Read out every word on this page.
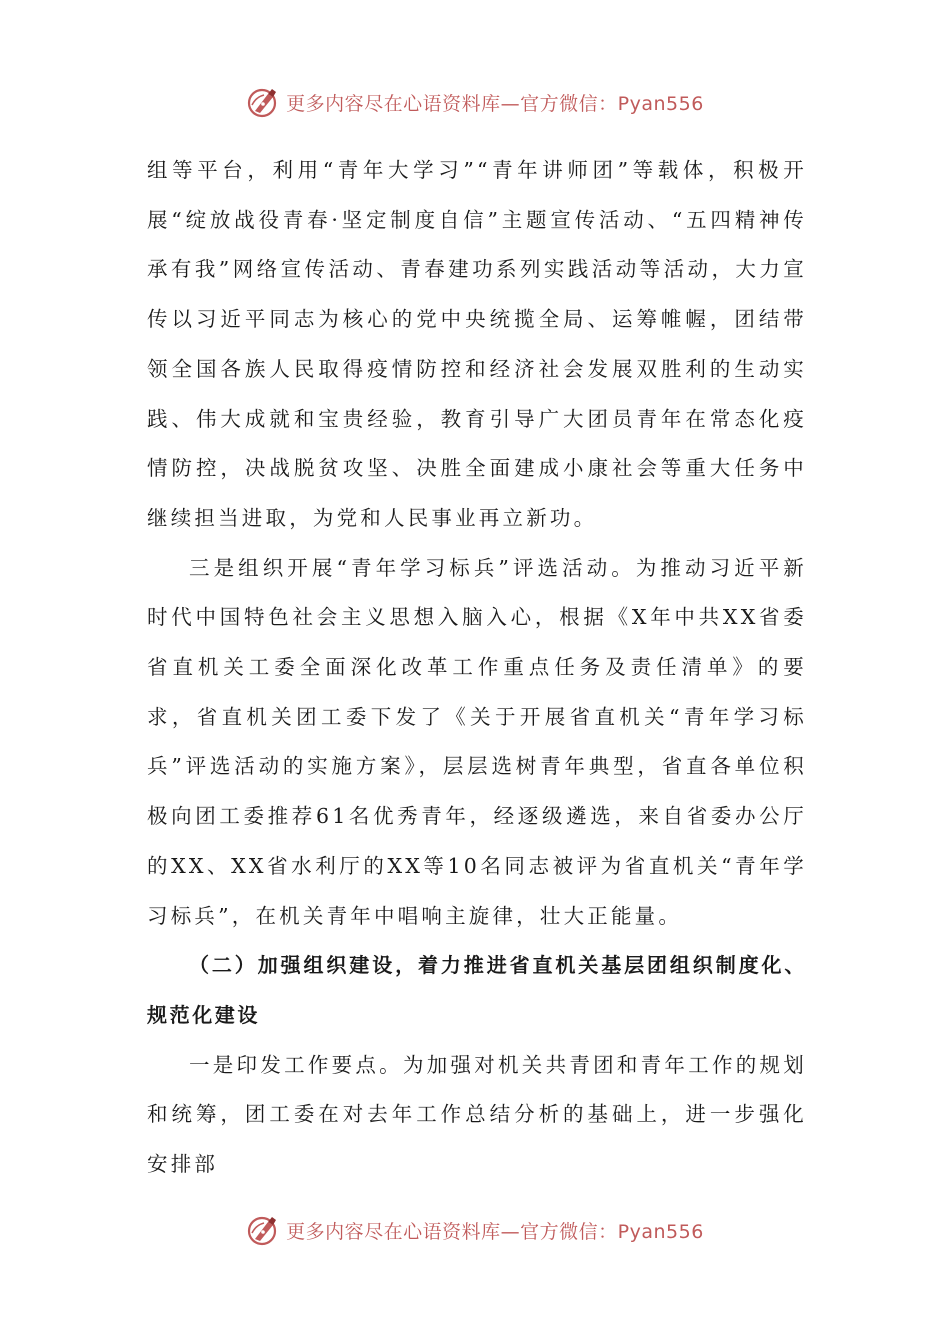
更多内容尽在心语资料库—官方微信：Pyan556

组等平台，利用“青年大学习”“青年讲师团”等载体，积极开展“绽放战役青春·坚定制度自信”主题宣传活动、“五四精神传承有我”网络宣传活动、青春建功系列实践活动等活动，大力宣传以习近平同志为核心的党中央统揽全局、运筹帷幄，团结带领全国各族人民取得疫情防控和经济社会发展双胜利的生动实践、伟大成就和宝贵经验，教育引导广大团员青年在常态化疫情防控，决战脱贫攻坚、决胜全面建成小康社会等重大任务中继续担当进取，为党和人民事业再立新功。

三是组织开展“青年学习标兵”评选活动。为推动习近平新时代中国特色社会主义思想入脑入心，根据《X年中共XX省委省直机关工委全面深化改革工作重点任务及责任清单》的要求，省直机关团工委下发了《关于开展省直机关“青年学习标兵”评选活动的实施方案》，层层选树青年典型，省直各单位积极向团工委推荐61名优秀青年，经逐级遴选，来自省委办公厅的XX、XX省水利厅的XX等10名同志被评为省直机关“青年学习标兵”，在机关青年中唱响主旋律，壮大正能量。

（二）加强组织建设，着力推进省直机关基层团组织制度化、规范化建设

一是印发工作要点。为加强对机关共青团和青年工作的规划和统筹，团工委在对去年工作总结分析的基础上，进一步强化安排部

更多内容尽在心语资料库—官方微信：Pyan556
